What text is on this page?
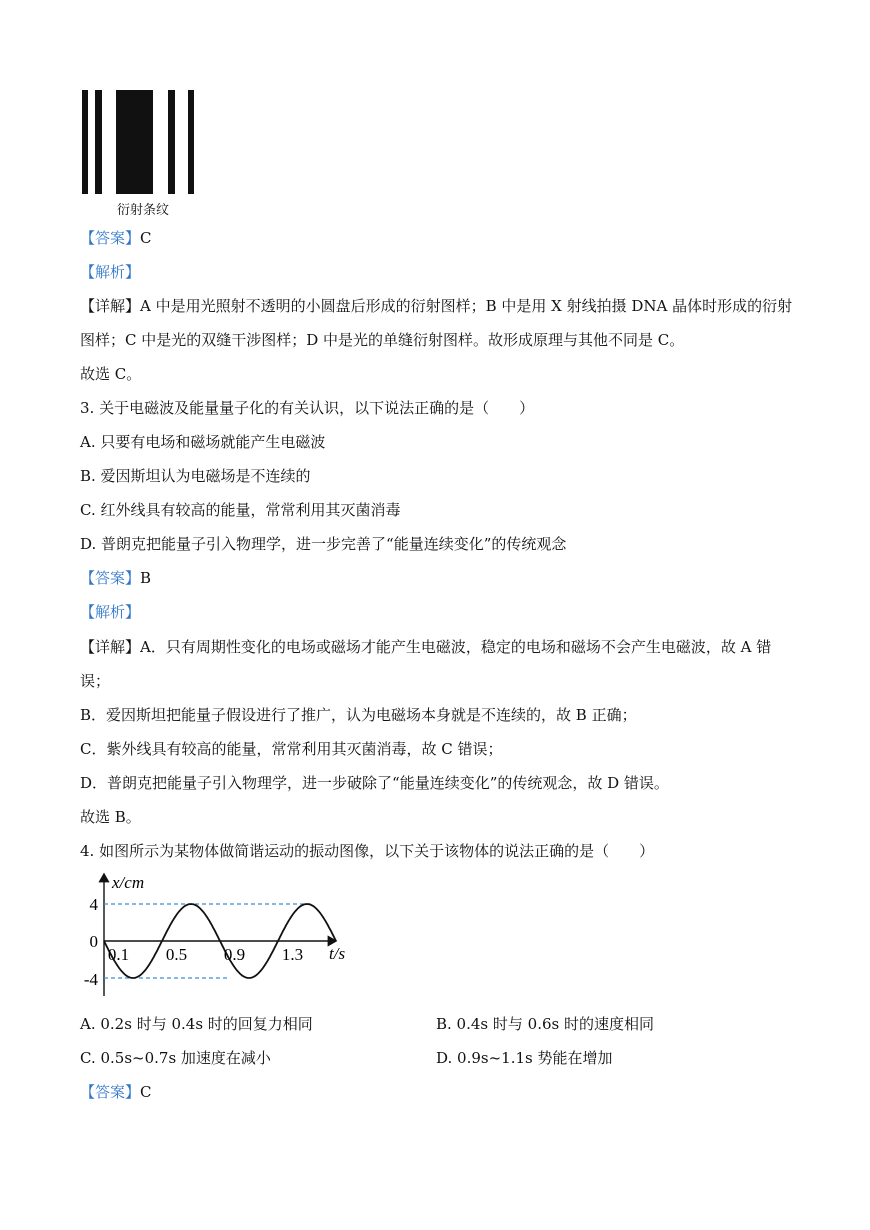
衍射条纹
【答案】C
【解析】
【详解】A 中是用光照射不透明的小圆盘后形成的衍射图样；B 中是用 X 射线拍摄 DNA 晶体时形成的衍射
图样；C 中是光的双缝干涉图样；D 中是光的单缝衍射图样。故形成原理与其他不同是 C。
故选 C。
3. 关于电磁波及能量量子化的有关认识，以下说法正确的是（　　）
A. 只要有电场和磁场就能产生电磁波
B. 爱因斯坦认为电磁场是不连续的
C. 红外线具有较高的能量，常常利用其灭菌消毒
D. 普朗克把能量子引入物理学，进一步完善了“能量连续变化”的传统观念
【答案】B
【解析】
【详解】A．只有周期性变化的电场或磁场才能产生电磁波，稳定的电场和磁场不会产生电磁波，故 A 错
误；
B．爱因斯坦把能量子假设进行了推广，认为电磁场本身就是不连续的，故 B 正确；
C．紫外线具有较高的能量，常常利用其灭菌消毒，故 C 错误；
D．普朗克把能量子引入物理学，进一步破除了“能量连续变化”的传统观念，故 D 错误。
故选 B。
4. 如图所示为某物体做简谐运动的振动图像，以下关于该物体的说法正确的是（　　）
0.1 0.5 0.9 1.3
4
0
-4
x/cm
t/s
A. 0.2s 时与 0.4s 时的回复力相同	B. 0.4s 时与 0.6s 时的速度相同
C. 0.5s~0.7s 加速度在减小	D. 0.9s~1.1s 势能在增加
【答案】C
